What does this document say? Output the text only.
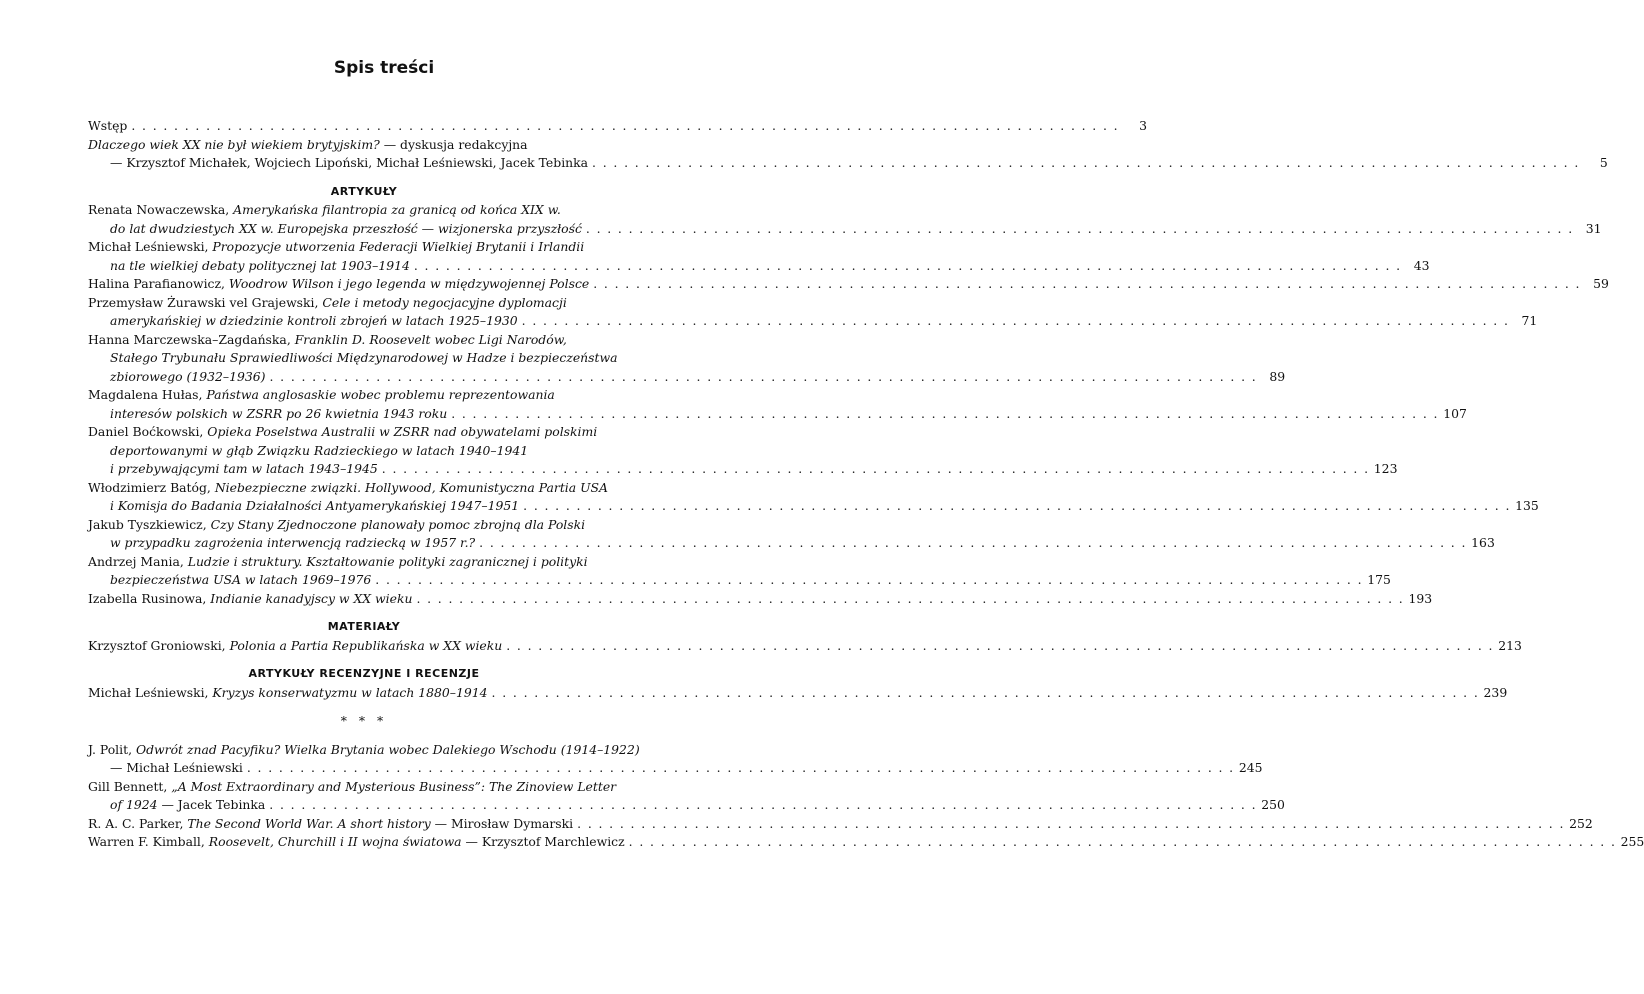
Spis treści
Wstęp . . . . . . . . . . . . . . . . . . . . . . . . . . . . . . . . . . . . . . . . . . . . . . . . . . . . . . . . . . . . . . . . . . . . . . . . . . . . . . . . . . . . . . . . . . . . .	3
Dlaczego wiek XX nie był wiekiem brytyjskim? — dyskusja redakcyjna
— Krzysztof Michałek, Wojciech Lipoński, Michał Leśniewski, Jacek Tebinka . . . . . . . . . . . . . . . . . . . . . . . . . . . . . . . . . . . . . . . . . . . . . . . . . . . . . . . . . . . . . . . . . . . . . . . . . . . . . . . . . . . . . . . . . . . . .	5
ARTYKUŁY
Renata Nowaczewska, Amerykańska filantropia za granicą od końca XIX w.
do lat dwudziestych XX w. Europejska przeszłość — wizjonerska przyszłość . . . . . . . . . . . . . . . . . . . . . . . . . . . . . . . . . . . . . . . . . . . . . . . . . . . . . . . . . . . . . . . . . . . . . . . . . . . . . . . . . . . . . . . . . . . . . 31
Michał Leśniewski, Propozycje utworzenia Federacji Wielkiej Brytanii i Irlandii
na tle wielkiej debaty politycznej lat 1903–1914 . . . . . . . . . . . . . . . . . . . . . . . . . . . . . . . . . . . . . . . . . . . . . . . . . . . . . . . . . . . . . . . . . . . . . . . . . . . . . . . . . . . . . . . . . . . . . 43
Halina Parafianowicz, Woodrow Wilson i jego legenda w międzywojennej Polsce . . . . . . . . . . . . . . . . . . . . . . . . . . . . . . . . . . . . . . . . . . . . . . . . . . . . . . . . . . . . . . . . . . . . . . . . . . . . . . . . . . . . . . . . . . . . . 59
Przemysław Żurawski vel Grajewski, Cele i metody negocjacyjne dyplomacji
amerykańskiej w dziedzinie kontroli zbrojeń w latach 1925–1930 . . . . . . . . . . . . . . . . . . . . . . . . . . . . . . . . . . . . . . . . . . . . . . . . . . . . . . . . . . . . . . . . . . . . . . . . . . . . . . . . . . . . . . . . . . . . . 71
Hanna Marczewska–Zagdańska, Franklin D. Roosevelt wobec Ligi Narodów,
Stałego Trybunału Sprawiedliwości Międzynarodowej w Hadze i bezpieczeństwa
zbiorowego (1932–1936) . . . . . . . . . . . . . . . . . . . . . . . . . . . . . . . . . . . . . . . . . . . . . . . . . . . . . . . . . . . . . . . . . . . . . . . . . . . . . . . . . . . . . . . . . . . . . 89
Magdalena Hułas, Państwa anglosaskie wobec problemu reprezentowania
interesów polskich w ZSRR po 26 kwietnia 1943 roku . . . . . . . . . . . . . . . . . . . . . . . . . . . . . . . . . . . . . . . . . . . . . . . . . . . . . . . . . . . . . . . . . . . . . . . . . . . . . . . . . . . . . . . . . . . . . 107
Daniel Boćkowski, Opieka Poselstwa Australii w ZSRR nad obywatelami polskimi
deportowanymi w głąb Związku Radzieckiego w latach 1940–1941
i przebywającymi tam w latach 1943–1945 . . . . . . . . . . . . . . . . . . . . . . . . . . . . . . . . . . . . . . . . . . . . . . . . . . . . . . . . . . . . . . . . . . . . . . . . . . . . . . . . . . . . . . . . . . . . . 123
Włodzimierz Batóg, Niebezpieczne związki. Hollywood, Komunistyczna Partia USA
i Komisja do Badania Działalności Antyamerykańskiej 1947–1951 . . . . . . . . . . . . . . . . . . . . . . . . . . . . . . . . . . . . . . . . . . . . . . . . . . . . . . . . . . . . . . . . . . . . . . . . . . . . . . . . . . . . . . . . . . . . . 135
Jakub Tyszkiewicz, Czy Stany Zjednoczone planowały pomoc zbrojną dla Polski
w przypadku zagrożenia interwencją radziecką w 1957 r.? . . . . . . . . . . . . . . . . . . . . . . . . . . . . . . . . . . . . . . . . . . . . . . . . . . . . . . . . . . . . . . . . . . . . . . . . . . . . . . . . . . . . . . . . . . . . . 163
Andrzej Mania, Ludzie i struktury. Kształtowanie polityki zagranicznej i polityki
bezpieczeństwa USA w latach 1969–1976 . . . . . . . . . . . . . . . . . . . . . . . . . . . . . . . . . . . . . . . . . . . . . . . . . . . . . . . . . . . . . . . . . . . . . . . . . . . . . . . . . . . . . . . . . . . . . 175
Izabella Rusinowa, Indianie kanadyjscy w XX wieku . . . . . . . . . . . . . . . . . . . . . . . . . . . . . . . . . . . . . . . . . . . . . . . . . . . . . . . . . . . . . . . . . . . . . . . . . . . . . . . . . . . . . . . . . . . . . 193
MATERIAŁY
Krzysztof Groniowski, Polonia a Partia Republikańska w XX wieku . . . . . . . . . . . . . . . . . . . . . . . . . . . . . . . . . . . . . . . . . . . . . . . . . . . . . . . . . . . . . . . . . . . . . . . . . . . . . . . . . . . . . . . . . . . . . 213
ARTYKUŁY RECENZYJNE I RECENZJE
Michał Leśniewski, Kryzys konserwatyzmu w latach 1880–1914 . . . . . . . . . . . . . . . . . . . . . . . . . . . . . . . . . . . . . . . . . . . . . . . . . . . . . . . . . . . . . . . . . . . . . . . . . . . . . . . . . . . . . . . . . . . . . 239
* * *
J. Polit, Odwrót znad Pacyfiku? Wielka Brytania wobec Dalekiego Wschodu (1914–1922)
— Michał Leśniewski . . . . . . . . . . . . . . . . . . . . . . . . . . . . . . . . . . . . . . . . . . . . . . . . . . . . . . . . . . . . . . . . . . . . . . . . . . . . . . . . . . . . . . . . . . . . . 245
Gill Bennett, „A Most Extraordinary and Mysterious Business”: The Zinoview Letter
of 1924 — Jacek Tebinka . . . . . . . . . . . . . . . . . . . . . . . . . . . . . . . . . . . . . . . . . . . . . . . . . . . . . . . . . . . . . . . . . . . . . . . . . . . . . . . . . . . . . . . . . . . . . 250
R. A. C. Parker, The Second World War. A short history — Mirosław Dymarski . . . . . . . . . . . . . . . . . . . . . . . . . . . . . . . . . . . . . . . . . . . . . . . . . . . . . . . . . . . . . . . . . . . . . . . . . . . . . . . . . . . . . . . . . . . . . 252
Warren F. Kimball, Roosevelt, Churchill i II wojna światowa — Krzysztof Marchlewicz . . . . . . . . . . . . . . . . . . . . . . . . . . . . . . . . . . . . . . . . . . . . . . . . . . . . . . . . . . . . . . . . . . . . . . . . . . . . . . . . . . . . . . . . . . . . . 255
